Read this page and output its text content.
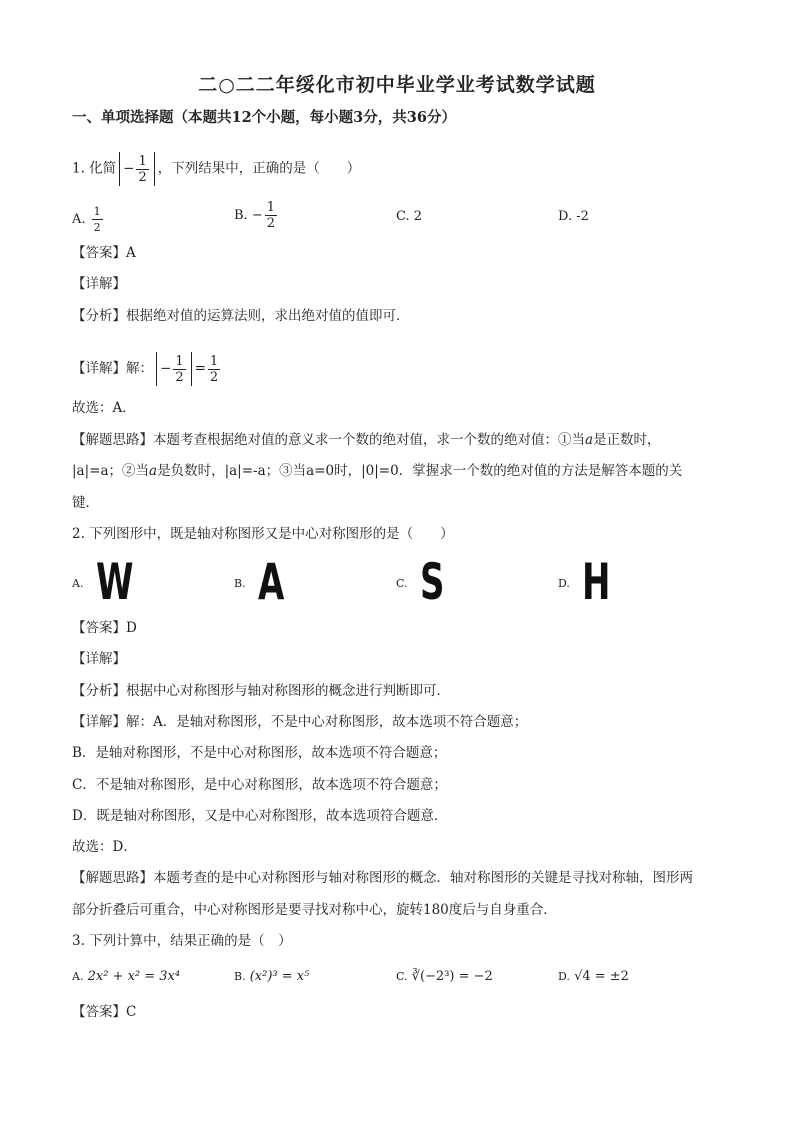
二○二二年绥化市初中毕业学业考试数学试题
一、单项选择题（本题共12个小题，每小题3分，共36分）
1. 化简 − $\frac{1}{2}$ ，下列结果中，正确的是（　　）
A. $\frac{1}{2}$	B. − $\frac{1}{2}$	C. 2	D. -2
【答案】A
【详解】
【分析】根据绝对值的运算法则，求出绝对值的值即可．
【详解】解： − $\frac{1}{2} = \frac{1}{2}$
故选：A．
【解题思路】本题考查根据绝对值的意义求一个数的绝对值，求一个数的绝对值：①当a是正数时，
|a|=a；②当a是负数时，|a|=-a；③当a=0时，|0|=0．掌握求一个数的绝对值的方法是解答本题的关
键．
2. 下列图形中，既是轴对称图形又是中心对称图形的是（　　）
A. W	B. A	C. S	D. H
【答案】D
【详解】
【分析】根据中心对称图形与轴对称图形的概念进行判断即可．
【详解】解：A．是轴对称图形，不是中心对称图形，故本选项不符合题意；
B．是轴对称图形，不是中心对称图形，故本选项不符合题意；
C．不是轴对称图形，是中心对称图形，故本选项不符合题意；
D．既是轴对称图形，又是中心对称图形，故本选项符合题意．
故选：D．
【解题思路】本题考查的是中心对称图形与轴对称图形的概念．轴对称图形的关键是寻找对称轴，图形两
部分折叠后可重合，中心对称图形是要寻找对称中心，旋转180度后与自身重合．
3. 下列计算中，结果正确的是（　）
A. 2x² + x² = 3x⁴	B. (x²)³ = x⁵	C. ∛(−2³) = −2	D. √4 = ±2
【答案】C
